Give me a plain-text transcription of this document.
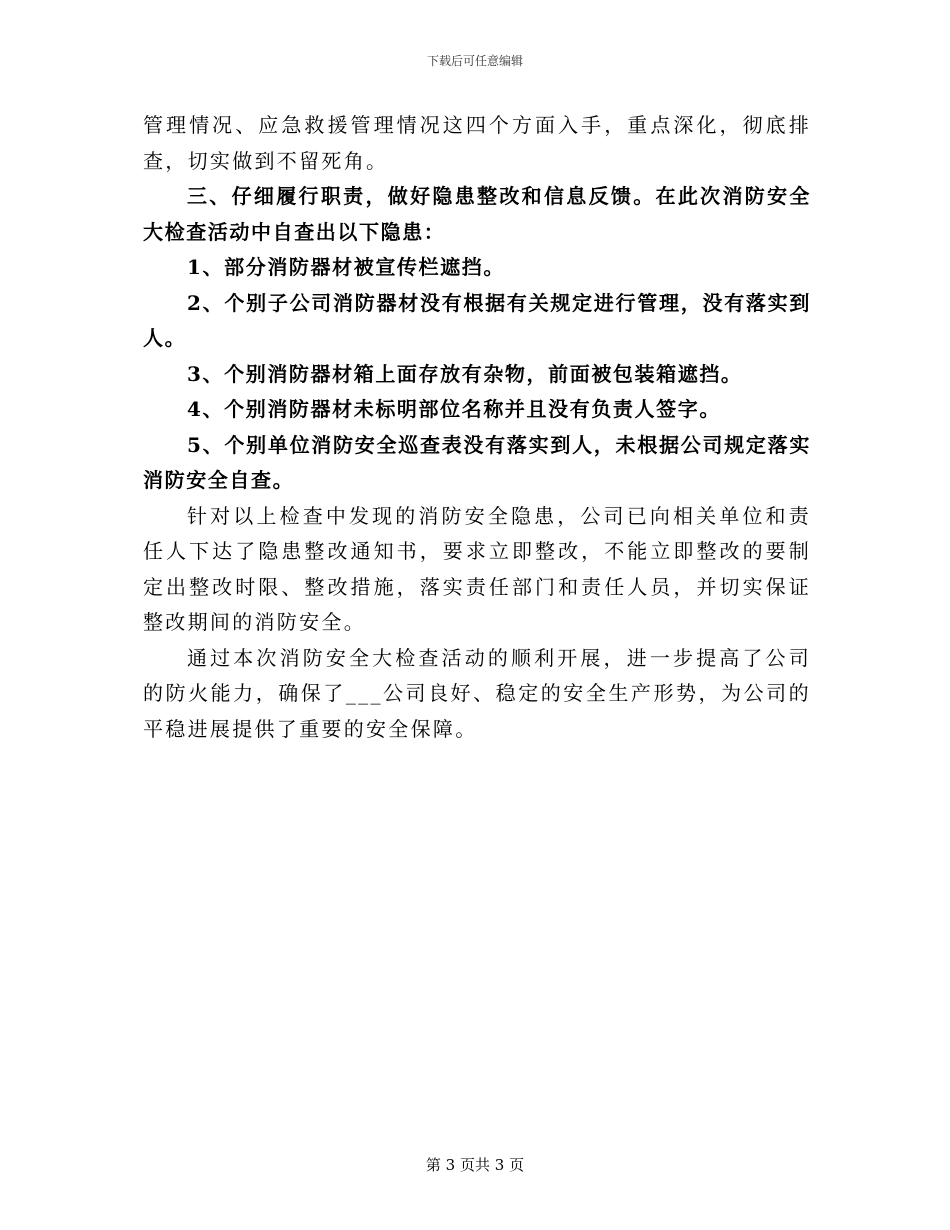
下载后可任意编辑

管理情况、应急救援管理情况这四个方面入手，重点深化，彻底排查，切实做到不留死角。

三、仔细履行职责，做好隐患整改和信息反馈。在此次消防安全大检查活动中自查出以下隐患：

1、部分消防器材被宣传栏遮挡。

2、个别子公司消防器材没有根据有关规定进行管理，没有落实到人。

3、个别消防器材箱上面存放有杂物，前面被包装箱遮挡。

4、个别消防器材未标明部位名称并且没有负责人签字。

5、个别单位消防安全巡查表没有落实到人，未根据公司规定落实消防安全自查。

针对以上检查中发现的消防安全隐患，公司已向相关单位和责任人下达了隐患整改通知书，要求立即整改，不能立即整改的要制定出整改时限、整改措施，落实责任部门和责任人员，并切实保证整改期间的消防安全。

通过本次消防安全大检查活动的顺利开展，进一步提高了公司的防火能力，确保了___公司良好、稳定的安全生产形势，为公司的平稳进展提供了重要的安全保障。

第 3 页共 3 页
